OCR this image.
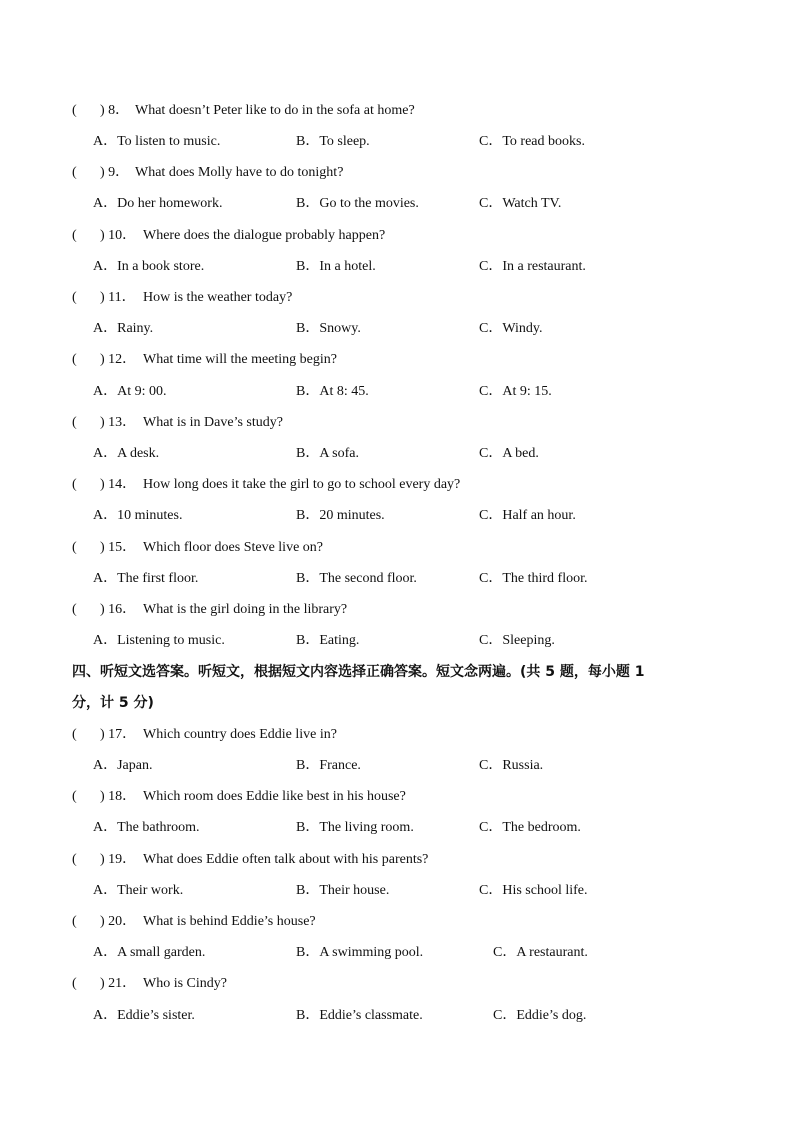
( ) 8． What doesn’t Peter like to do in the sofa at home?
A．To listen to music.	B．To sleep.	C．To read books.
( ) 9． What does Molly have to do tonight?
A．Do her homework.	B．Go to the movies.	C．Watch TV.
( ) 10． Where does the dialogue probably happen?
A．In a book store.	B．In a hotel.	C．In a restaurant.
( ) 11． How is the weather today?
A．Rainy.	B．Snowy.	C．Windy.
( ) 12． What time will the meeting begin?
A．At 9: 00.	B．At 8: 45.	C．At 9: 15.
( ) 13． What is in Dave’s study?
A．A desk.	B．A sofa.	C．A bed.
( ) 14． How long does it take the girl to go to school every day?
A．10 minutes.	B．20 minutes.	C．Half an hour.
( ) 15． Which floor does Steve live on?
A．The first floor.	B．The second floor.	C．The third floor.
( ) 16． What is the girl doing in the library?
A．Listening to music.	B．Eating.	C．Sleeping.
四、听短文选答案。听短文，根据短文内容选择正确答案。短文念两遍。(共 5 题，每小题 1
分，计 5 分)
( ) 17． Which country does Eddie live in?
A．Japan.	B．France.	C．Russia.
( ) 18． Which room does Eddie like best in his house?
A．The bathroom.	B．The living room.	C．The bedroom.
( ) 19． What does Eddie often talk about with his parents?
A．Their work.	B．Their house.	C．His school life.
( ) 20． What is behind Eddie’s house?
A．A small garden.	B．A swimming pool.	C．A restaurant.
( ) 21． Who is Cindy?
A．Eddie’s sister.	B．Eddie’s classmate.	C．Eddie’s dog.
